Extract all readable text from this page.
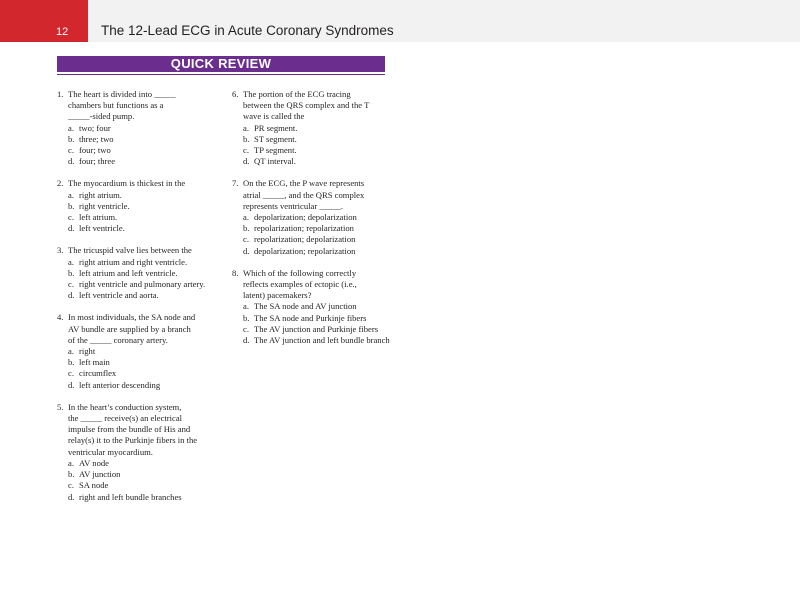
12 The 12-Lead ECG in Acute Coronary Syndromes
QUICK REVIEW
1. The heart is divided into _____
chambers but functions as a
_____-sided pump.
a. two; four
b. three; two
c. four; two
d. four; three
2. The myocardium is thickest in the
a. right atrium.
b. right ventricle.
c. left atrium.
d. left ventricle.
3. The tricuspid valve lies between the
a. right atrium and right ventricle.
b. left atrium and left ventricle.
c. right ventricle and pulmonary artery.
d. left ventricle and aorta.
4. In most individuals, the SA node and
AV bundle are supplied by a branch
of the _____ coronary artery.
a. right
b. left main
c. circumflex
d. left anterior descending
5. In the heart’s conduction system,
the _____ receive(s) an electrical
impulse from the bundle of His and
relay(s) it to the Purkinje fibers in the
ventricular myocardium.
a. AV node
b. AV junction
c. SA node
d. right and left bundle branches
6. The portion of the ECG tracing
between the QRS complex and the T
wave is called the
a. PR segment.
b. ST segment.
c. TP segment.
d. QT interval.
7. On the ECG, the P wave represents
atrial _____, and the QRS complex
represents ventricular _____.
a. depolarization; depolarization
b. repolarization; repolarization
c. repolarization; depolarization
d. depolarization; repolarization
8. Which of the following correctly
reflects examples of ectopic (i.e.,
latent) pacemakers?
a. The SA node and AV junction
b. The SA node and Purkinje fibers
c. The AV junction and Purkinje fibers
d. The AV junction and left bundle branch
